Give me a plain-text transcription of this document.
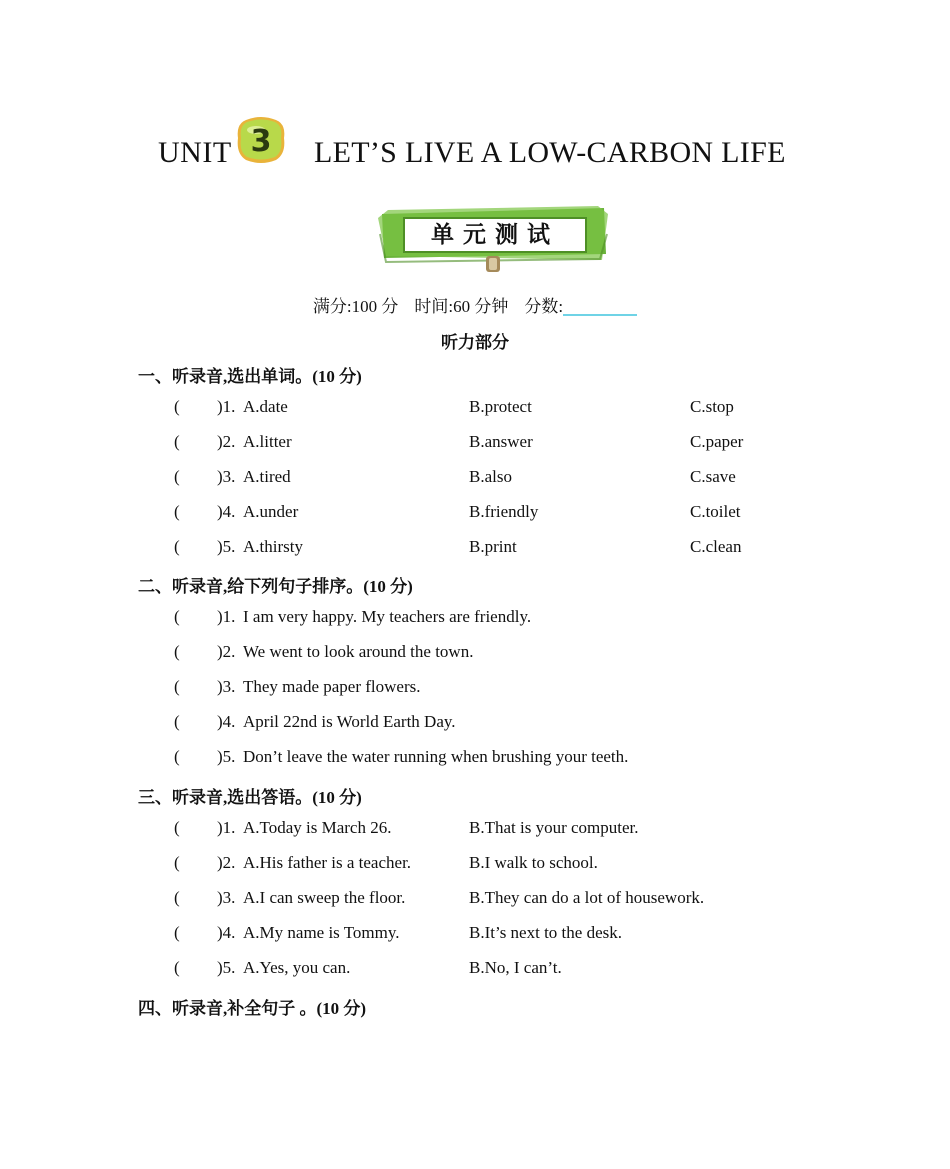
UNIT 3 LET’S LIVE A LOW-CARBON LIFE
单元测试
满分:100 分 时间:60 分钟 分数:
听力部分
一、听录音,选出单词。(10 分)
( )1. A.date	B.protect	C.stop
( )2. A.litter	B.answer	C.paper
( )3. A.tired	B.also	C.save
( )4. A.under	B.friendly	C.toilet
( )5. A.thirsty	B.print	C.clean
二、听录音,给下列句子排序。(10 分)
( )1. I am very happy. My teachers are friendly.
( )2. We went to look around the town.
( )3. They made paper flowers.
( )4. April 22nd is World Earth Day.
( )5. Don’t leave the water running when brushing your teeth.
三、听录音,选出答语。(10 分)
( )1. A.Today is March 26.	B.That is your computer.
( )2. A.His father is a teacher.	B.I walk to school.
( )3. A.I can sweep the floor.	B.They can do a lot of housework.
( )4. A.My name is Tommy.	B.It’s next to the desk.
( )5. A.Yes, you can.	B.No, I can’t.
四、听录音,补全句子 。(10 分)
